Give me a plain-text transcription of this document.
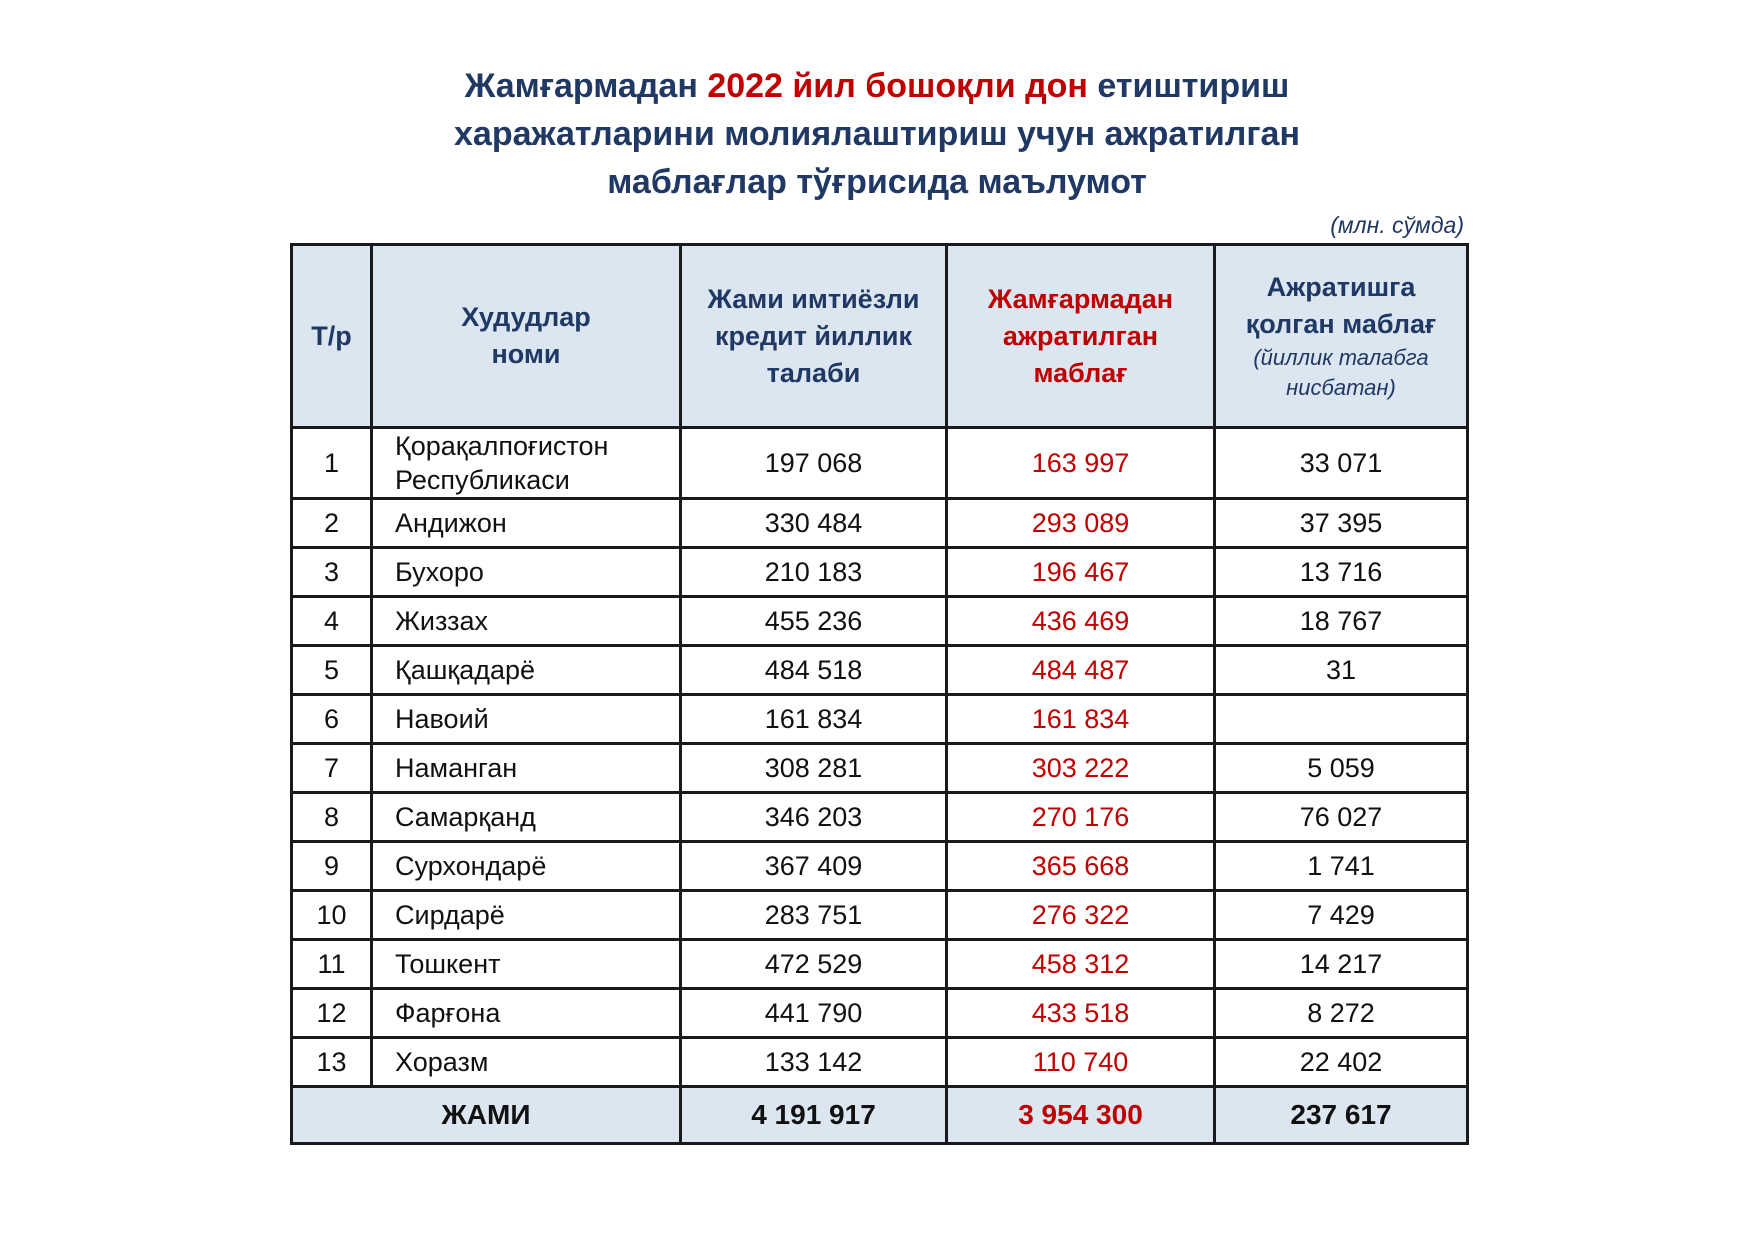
Жамғармадан 2022 йил бошоқли дон етиштириш
харажатларини молиялаштириш учун ажратилган
маблағлар тўғрисида маълумот
(млн. сўмда)
Т/р	Худудлар номи	Жами имтиёзли кредит йиллик талаби	Жамғармадан ажратилган маблағ	Ажратишга қолган маблағ
(йиллик талабга нисбатан)

1	Қорақалпоғистон Республикаси	197 068	163 997	33 071
2	Андижон	330 484	293 089	37 395
3	Бухоро	210 183	196 467	13 716
4	Жиззах	455 236	436 469	18 767
5	Қашқадарё	484 518	484 487	31
6	Навоий	161 834	161 834	
7	Наманган	308 281	303 222	5 059
8	Самарқанд	346 203	270 176	76 027
9	Сурхондарё	367 409	365 668	1 741
10	Сирдарё	283 751	276 322	7 429
11	Тошкент	472 529	458 312	14 217
12	Фарғона	441 790	433 518	8 272
13	Хоразм	133 142	110 740	22 402
ЖАМИ		4 191 917	3 954 300	237 617
